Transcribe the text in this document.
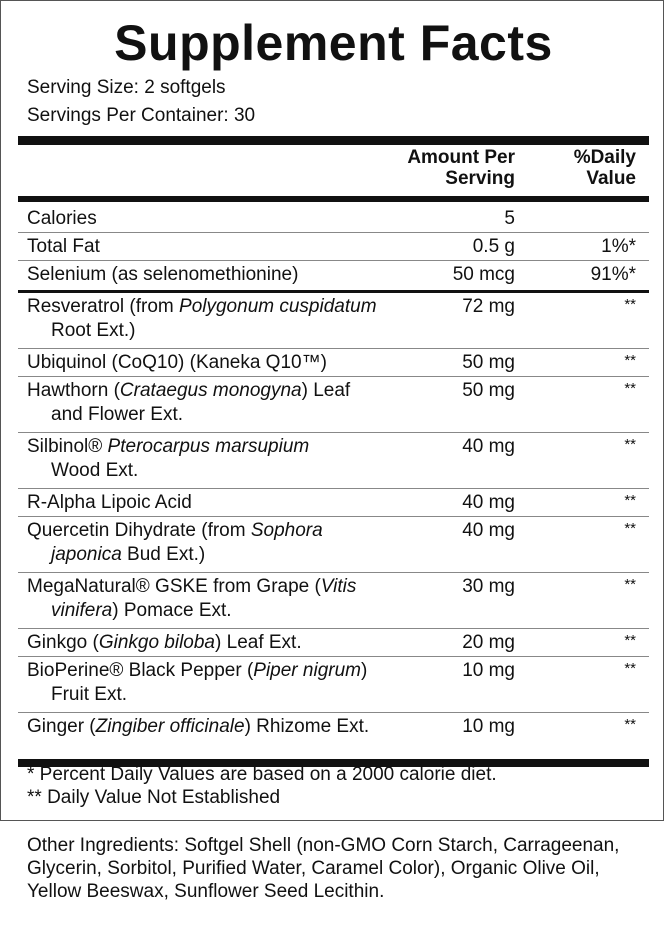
Supplement Facts
Serving Size: 2 softgels
Servings Per Container: 30
Amount Per
Serving
%Daily
Value
Calories	5
Total Fat	0.5 g	1%*
Selenium (as selenomethionine)	50 mcg	91%*
Resveratrol (from Polygonum cuspidatum
Root Ext.)
72 mg	**
Ubiquinol (CoQ10) (Kaneka Q10™)	50 mg	**
Hawthorn (Crataegus monogyna) Leaf
and Flower Ext.
50 mg	**
Silbinol® Pterocarpus marsupium
Wood Ext.
40 mg	**
R-Alpha Lipoic Acid	40 mg	**
Quercetin Dihydrate (from Sophora
japonica Bud Ext.)
40 mg	**
MegaNatural® GSKE from Grape (Vitis
vinifera) Pomace Ext.
30 mg	**
Ginkgo (Ginkgo biloba) Leaf Ext.	20 mg	**
BioPerine® Black Pepper (Piper nigrum)
Fruit Ext.
10 mg	**
Ginger (Zingiber officinale) Rhizome Ext.	10 mg	**
* Percent Daily Values are based on a 2000 calorie diet.
** Daily Value Not Established
Other Ingredients: Softgel Shell (non-GMO Corn Starch, Carrageenan, Glycerin, Sorbitol, Purified Water, Caramel Color), Organic Olive Oil, Yellow Beeswax, Sunflower Seed Lecithin.
